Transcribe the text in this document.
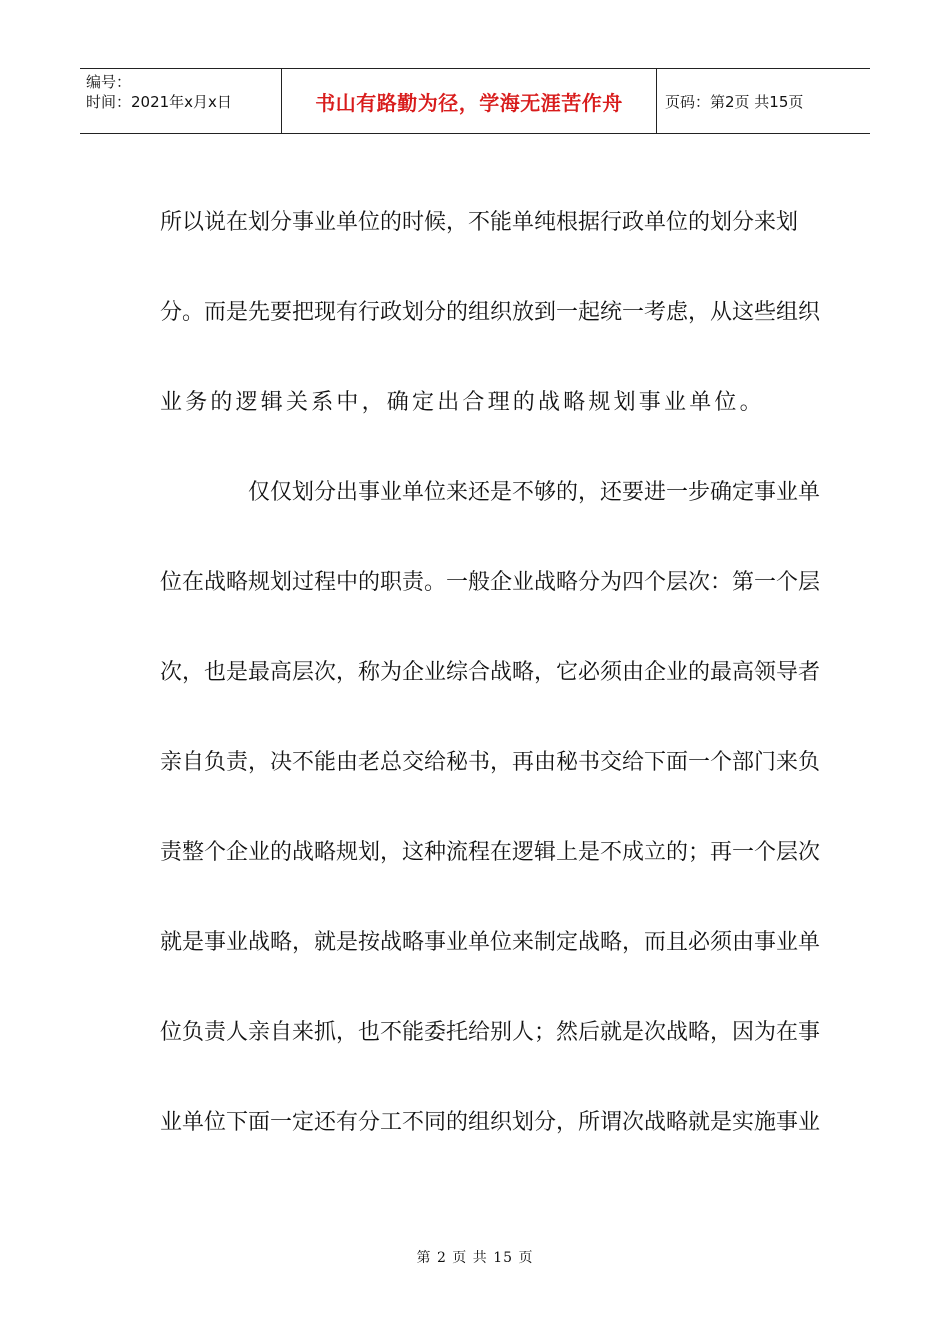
编号：
时间：2021年x月x日	书山有路勤为径，学海无涯苦作舟	页码：第2页 共15页
所以说在划分事业单位的时候，不能单纯根据行政单位的划分来划
分。而是先要把现有行政划分的组织放到一起统一考虑，从这些组织
业务的逻辑关系中，确定出合理的战略规划事业单位。
仅仅划分出事业单位来还是不够的，还要进一步确定事业单
位在战略规划过程中的职责。一般企业战略分为四个层次：第一个层
次，也是最高层次，称为企业综合战略，它必须由企业的最高领导者
亲自负责，决不能由老总交给秘书，再由秘书交给下面一个部门来负
责整个企业的战略规划，这种流程在逻辑上是不成立的；再一个层次
就是事业战略，就是按战略事业单位来制定战略，而且必须由事业单
位负责人亲自来抓，也不能委托给别人；然后就是次战略，因为在事
业单位下面一定还有分工不同的组织划分，所谓次战略就是实施事业
第 2 页 共 15 页
